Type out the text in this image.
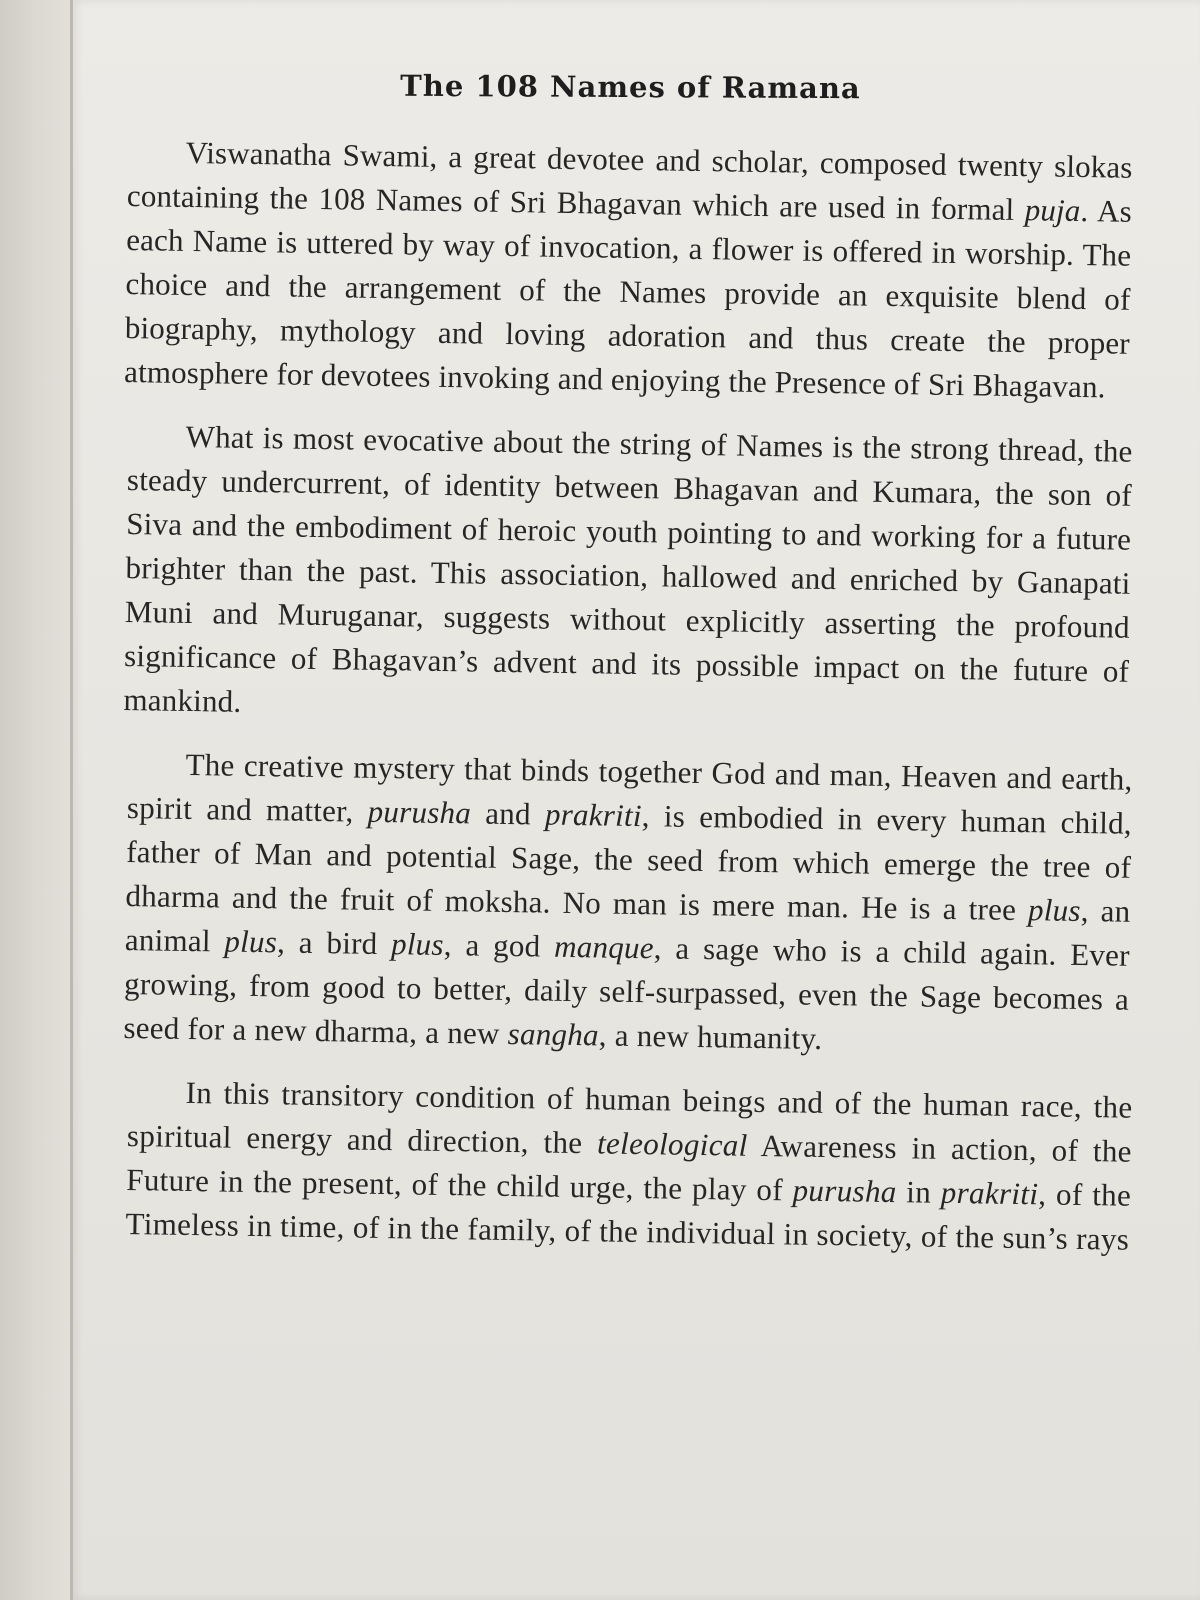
The 108 Names of Ramana

Viswanatha Swami, a great devotee and scholar, composed twenty slokas containing the 108 Names of Sri Bhagavan which are used in formal puja. As each Name is uttered by way of invocation, a flower is offered in worship. The choice and the arrangement of the Names provide an exquisite blend of biography, mythology and loving adoration and thus create the proper atmosphere for devotees invoking and enjoying the Presence of Sri Bhagavan.

What is most evocative about the string of Names is the strong thread, the steady undercurrent, of identity between Bhagavan and Kumara, the son of Siva and the embodiment of heroic youth pointing to and working for a future brighter than the past. This association, hallowed and enriched by Ganapati Muni and Muruganar, suggests without explicitly asserting the profound significance of Bhagavan’s advent and its possible impact on the future of mankind.

The creative mystery that binds together God and man, Heaven and earth, spirit and matter, purusha and prakriti, is embodied in every human child, father of Man and potential Sage, the seed from which emerge the tree of dharma and the fruit of moksha. No man is mere man. He is a tree plus, an animal plus, a bird plus, a god manque, a sage who is a child again. Ever growing, from good to better, daily self-surpassed, even the Sage becomes a seed for a new dharma, a new sangha, a new humanity.

In this transitory condition of human beings and of the human race, the spiritual energy and direction, the teleological Awareness in action, of the Future in the present, of the child urge, the play of purusha in prakriti, of the Timeless in time, of in the family, of the individual in society, of the sun’s rays
